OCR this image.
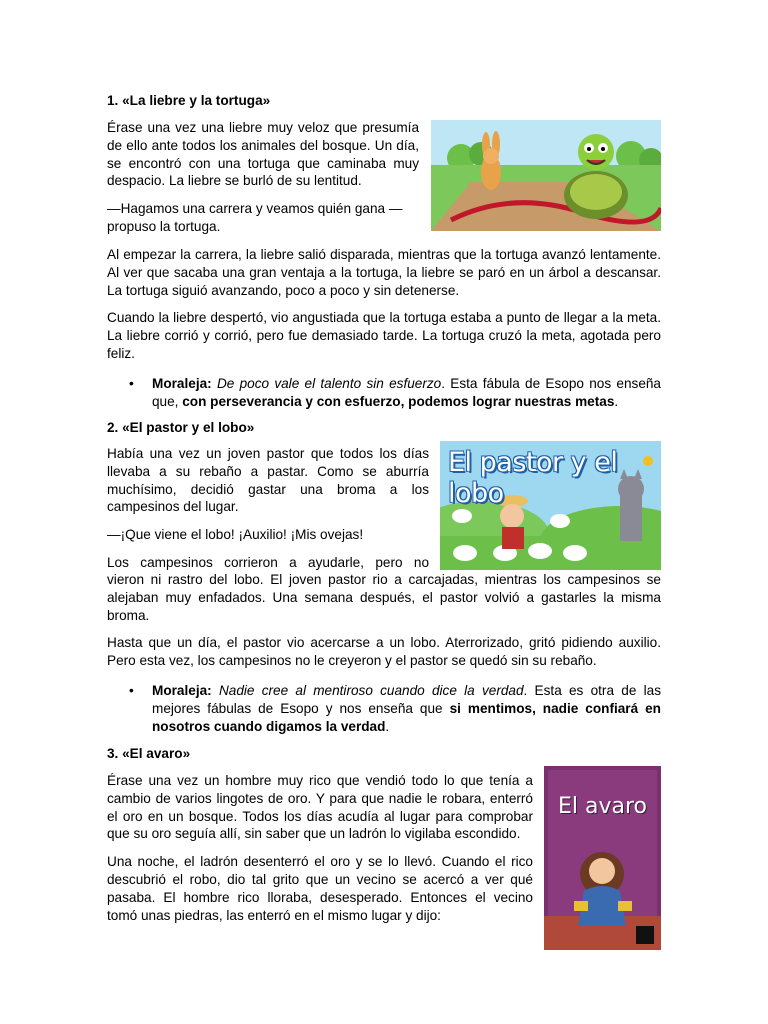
1. «La liebre y la tortuga»

Érase una vez una liebre muy veloz que presumía de ello ante todos los animales del bosque. Un día, se encontró con una tortuga que caminaba muy despacio. La liebre se burló de su lentitud.

—Hagamos una carrera y veamos quién gana —propuso la tortuga.

Al empezar la carrera, la liebre salió disparada, mientras que la tortuga avanzó lentamente. Al ver que sacaba una gran ventaja a la tortuga, la liebre se paró en un árbol a descansar. La tortuga siguió avanzando, poco a poco y sin detenerse.

Cuando la liebre despertó, vio angustiada que la tortuga estaba a punto de llegar a la meta. La liebre corrió y corrió, pero fue demasiado tarde. La tortuga cruzó la meta, agotada pero feliz.

• Moraleja: De poco vale el talento sin esfuerzo. Esta fábula de Esopo nos enseña que, con perseverancia y con esfuerzo, podemos lograr nuestras metas.

2. «El pastor y el lobo»

Había una vez un joven pastor que todos los días llevaba a su rebaño a pastar. Como se aburría muchísimo, decidió gastar una broma a los campesinos del lugar.

—¡Que viene el lobo! ¡Auxilio! ¡Mis ovejas!

Los campesinos corrieron a ayudarle, pero no

El pastor y el lobo

vieron ni rastro del lobo. El joven pastor rio a carcajadas, mientras los campesinos se alejaban muy enfadados. Una semana después, el pastor volvió a gastarles la misma broma.

Hasta que un día, el pastor vio acercarse a un lobo. Aterrorizado, gritó pidiendo auxilio. Pero esta vez, los campesinos no le creyeron y el pastor se quedó sin su rebaño.

• Moraleja: Nadie cree al mentiroso cuando dice la verdad. Esta es otra de las mejores fábulas de Esopo y nos enseña que si mentimos, nadie confiará en nosotros cuando digamos la verdad.

3. «El avaro»

Érase una vez un hombre muy rico que vendió todo lo que tenía a cambio de varios lingotes de oro. Y para que nadie le robara, enterró el oro en un bosque. Todos los días acudía al lugar para comprobar que su oro seguía allí, sin saber que un ladrón lo vigilaba escondido.

Una noche, el ladrón desenterró el oro y se lo llevó. Cuando el rico descubrió el robo, dio tal grito que un vecino se acercó a ver qué pasaba. El hombre rico lloraba, desesperado. Entonces el vecino tomó unas piedras, las enterró en el mismo lugar y dijo:

El avaro
